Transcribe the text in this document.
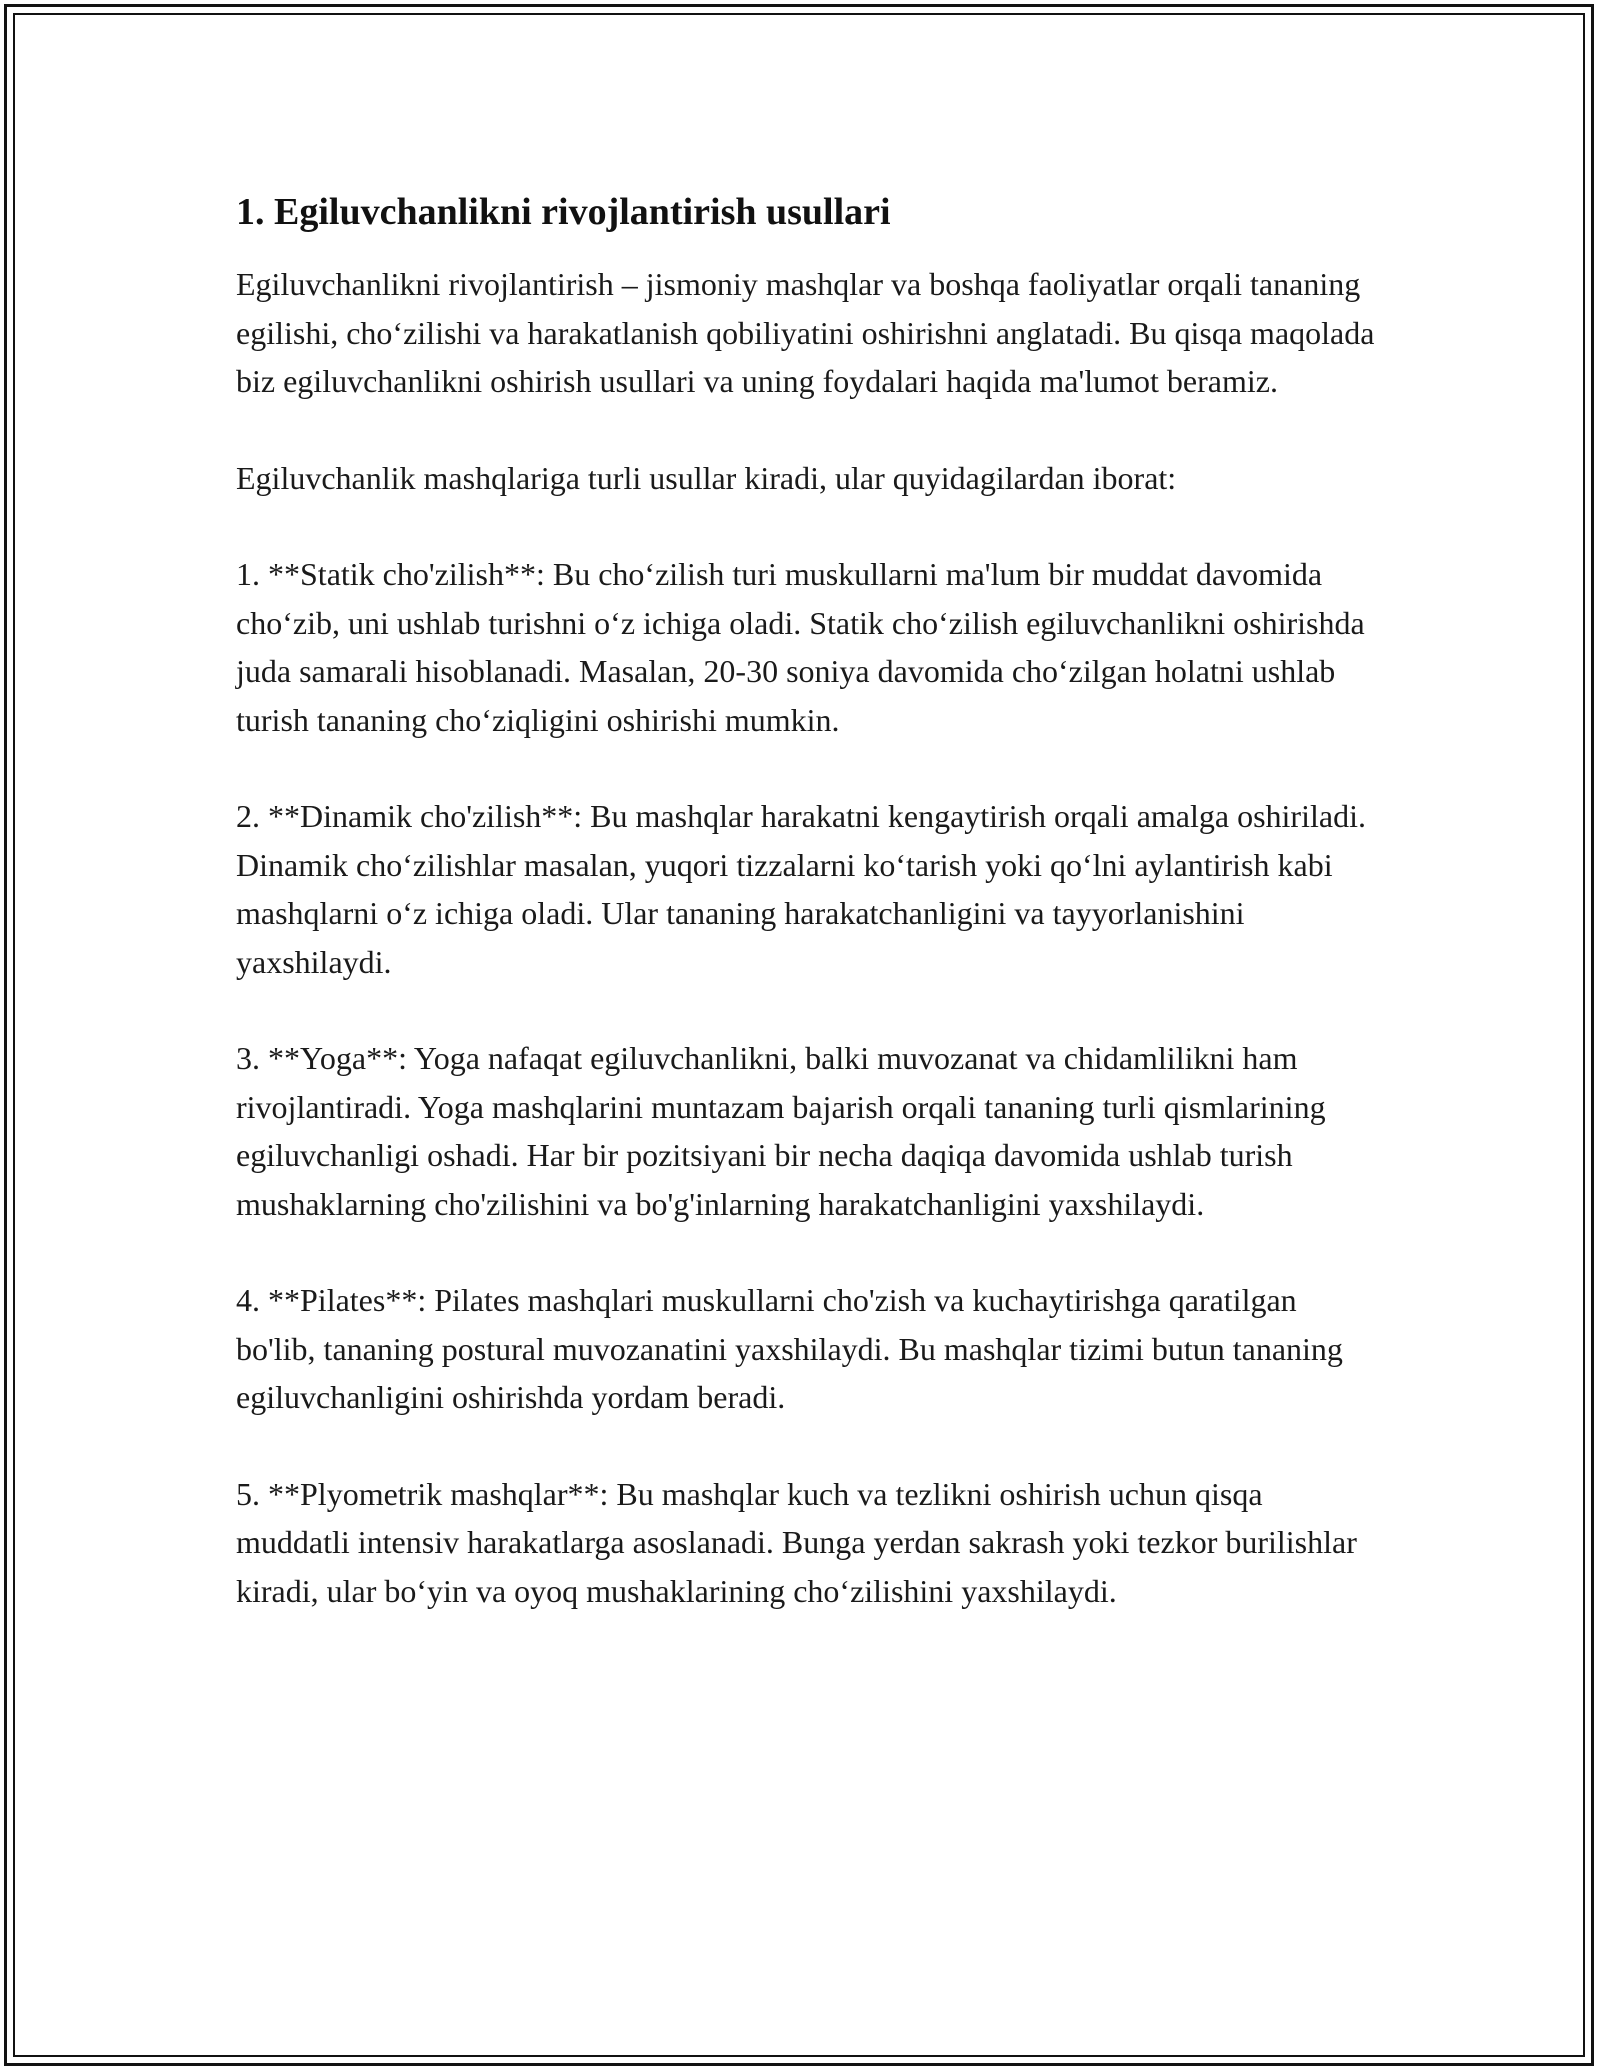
1. Egiluvchanlikni rivojlantirish usullari

Egiluvchanlikni rivojlantirish – jismoniy mashqlar va boshqa faoliyatlar orqali tananing egilishi, cho‘zilishi va harakatlanish qobiliyatini oshirishni anglatadi. Bu qisqa maqolada biz egiluvchanlikni oshirish usullari va uning foydalari haqida ma'lumot beramiz.

Egiluvchanlik mashqlariga turli usullar kiradi, ular quyidagilardan iborat:

1. **Statik cho'zilish**: Bu cho‘zilish turi muskullarni ma'lum bir muddat davomida cho‘zib, uni ushlab turishni o‘z ichiga oladi. Statik cho‘zilish egiluvchanlikni oshirishda juda samarali hisoblanadi. Masalan, 20-30 soniya davomida cho‘zilgan holatni ushlab turish tananing cho‘ziqligini oshirishi mumkin.

2. **Dinamik cho'zilish**: Bu mashqlar harakatni kengaytirish orqali amalga oshiriladi. Dinamik cho‘zilishlar masalan, yuqori tizzalarni ko‘tarish yoki qo‘lni aylantirish kabi mashqlarni o‘z ichiga oladi. Ular tananing harakatchanligini va tayyorlanishini yaxshilaydi.

3. **Yoga**: Yoga nafaqat egiluvchanlikni, balki muvozanat va chidamlilikni ham rivojlantiradi. Yoga mashqlarini muntazam bajarish orqali tananing turli qismlarining egiluvchanligi oshadi. Har bir pozitsiyani bir necha daqiqa davomida ushlab turish mushaklarning cho'zilishini va bo'g'inlarning harakatchanligini yaxshilaydi.

4. **Pilates**: Pilates mashqlari muskullarni cho'zish va kuchaytirishga qaratilgan bo'lib, tananing postural muvozanatini yaxshilaydi. Bu mashqlar tizimi butun tananing egiluvchanligini oshirishda yordam beradi.

5. **Plyometrik mashqlar**: Bu mashqlar kuch va tezlikni oshirish uchun qisqa muddatli intensiv harakatlarga asoslanadi. Bunga yerdan sakrash yoki tezkor burilishlar kiradi, ular bo‘yin va oyoq mushaklarining cho‘zilishini yaxshilaydi.
